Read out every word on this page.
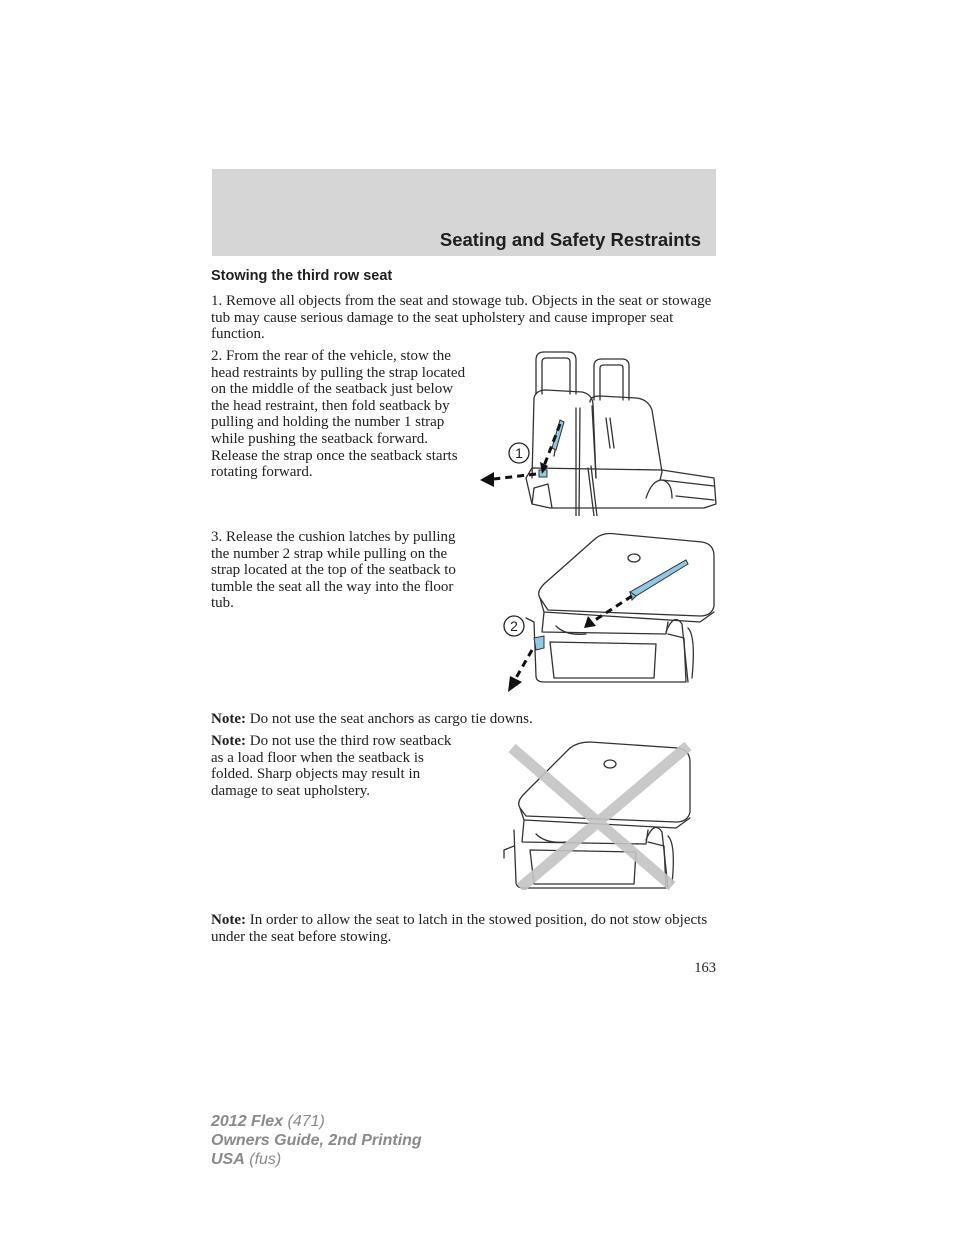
Seating and Safety Restraints
Stowing the third row seat

1. Remove all objects from the seat and stowage tub. Objects in the seat or stowage tub may cause serious damage to the seat upholstery and cause improper seat function.

2. From the rear of the vehicle, stow the head restraints by pulling the strap located on the middle of the seatback just below the head restraint, then fold seatback by pulling and holding the number 1 strap while pushing the seatback forward. Release the strap once the seatback starts rotating forward.

3. Release the cushion latches by pulling the number 2 strap while pulling on the strap located at the top of the seatback to tumble the seat all the way into the floor tub.

1
2

Note: Do not use the seat anchors as cargo tie downs.

Note: Do not use the third row seatback as a load floor when the seatback is folded. Sharp objects may result in damage to seat upholstery.

Note: In order to allow the seat to latch in the stowed position, do not stow objects under the seat before stowing.

163
2012 Flex (471)
Owners Guide, 2nd Printing
USA (fus)
